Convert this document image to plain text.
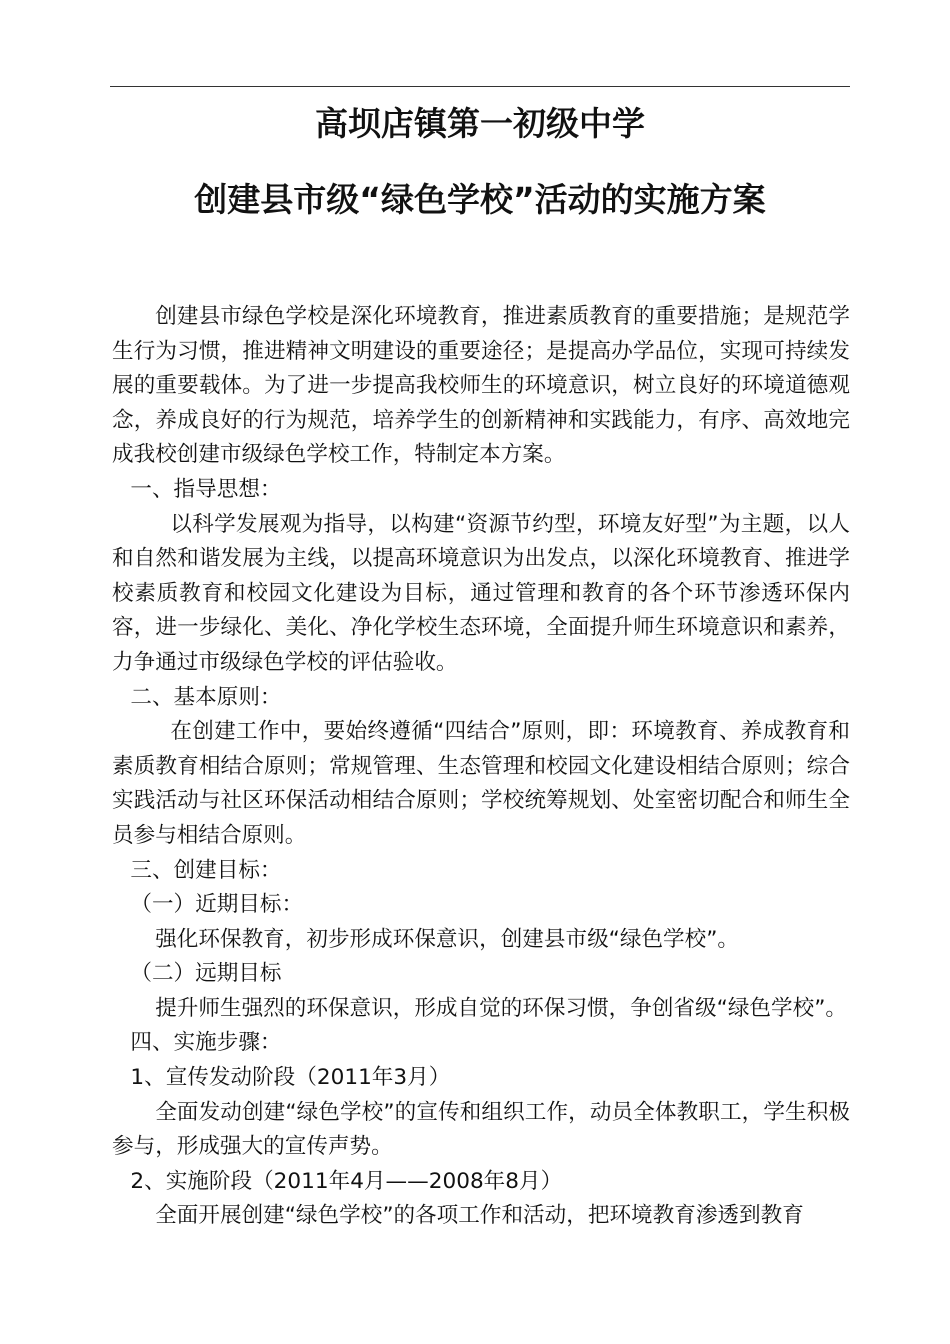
高坝店镇第一初级中学
创建县市级“绿色学校”活动的实施方案

创建县市绿色学校是深化环境教育，推进素质教育的重要措施；是规范学生行为习惯，推进精神文明建设的重要途径；是提高办学品位，实现可持续发展的重要载体。为了进一步提高我校师生的环境意识，树立良好的环境道德观念，养成良好的行为规范，培养学生的创新精神和实践能力，有序、高效地完成我校创建市级绿色学校工作，特制定本方案。

一、指导思想：

以科学发展观为指导，以构建“资源节约型，环境友好型”为主题，以人和自然和谐发展为主线，以提高环境意识为出发点，以深化环境教育、推进学校素质教育和校园文化建设为目标，通过管理和教育的各个环节渗透环保内容，进一步绿化、美化、净化学校生态环境，全面提升师生环境意识和素养，力争通过市级绿色学校的评估验收。

二、基本原则：

在创建工作中，要始终遵循“四结合”原则，即：环境教育、养成教育和素质教育相结合原则；常规管理、生态管理和校园文化建设相结合原则；综合实践活动与社区环保活动相结合原则；学校统筹规划、处室密切配合和师生全员参与相结合原则。

三、创建目标：

（一）近期目标：

强化环保教育，初步形成环保意识，创建县市级“绿色学校”。

（二）远期目标

提升师生强烈的环保意识，形成自觉的环保习惯，争创省级“绿色学校”。

四、实施步骤：

1、宣传发动阶段（2011年3月）

全面发动创建“绿色学校”的宣传和组织工作，动员全体教职工，学生积极参与，形成强大的宣传声势。

2、实施阶段（2011年4月——2008年8月）

全面开展创建“绿色学校”的各项工作和活动，把环境教育渗透到教育
